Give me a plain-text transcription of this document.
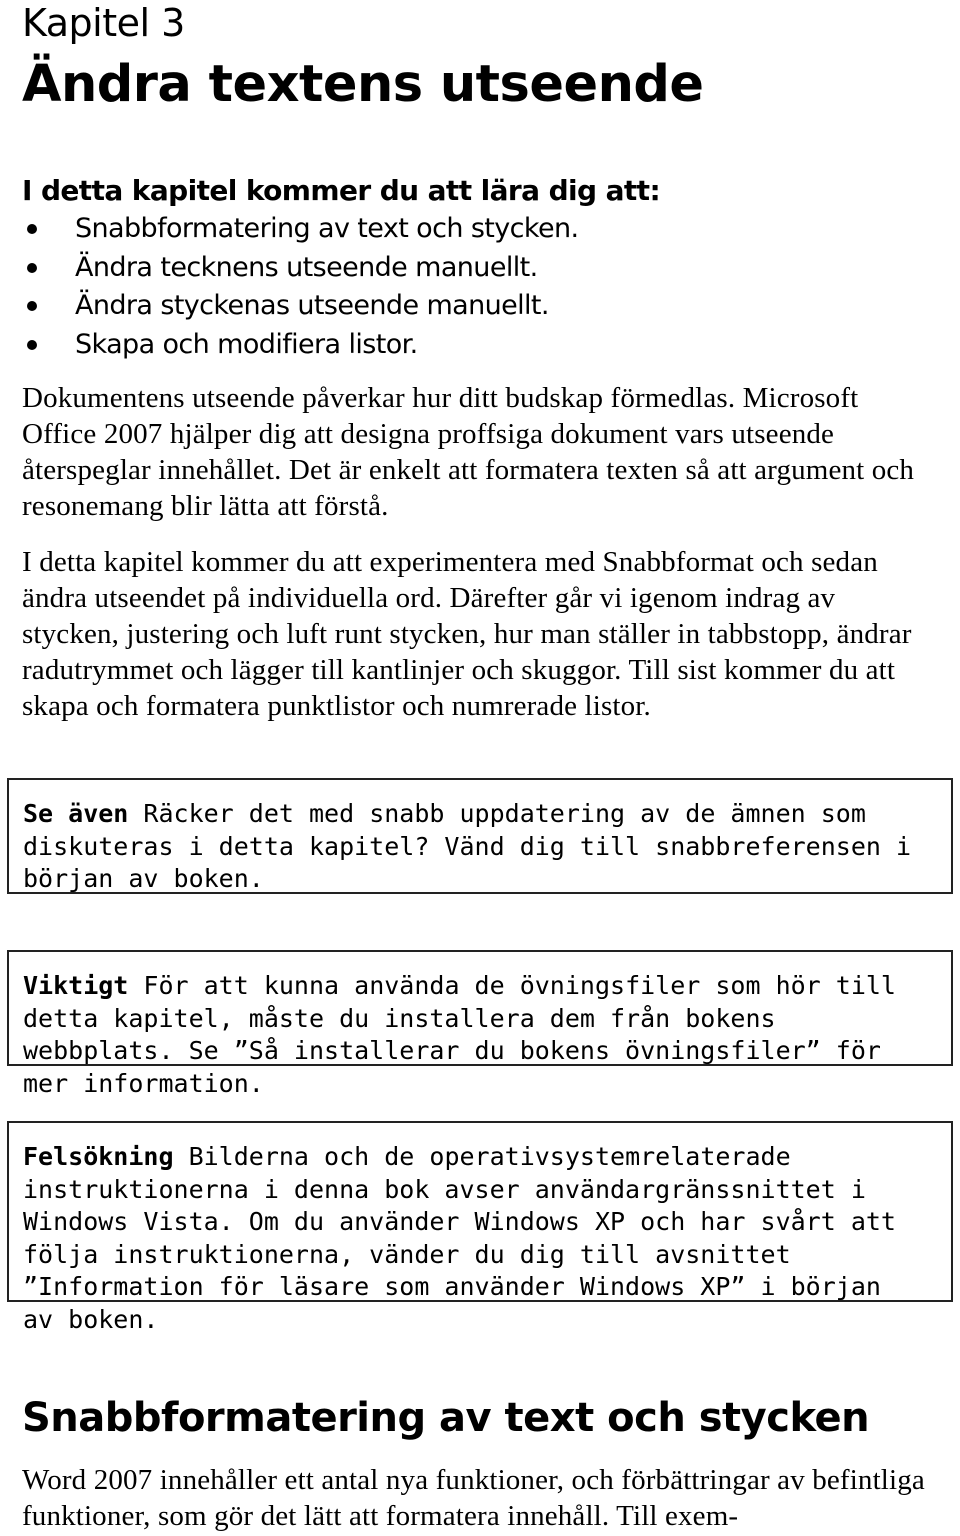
Kapitel 3
Ändra textens utseende
I detta kapitel kommer du att lära dig att:
Snabbformatering av text och stycken.
Ändra tecknens utseende manuellt.
Ändra styckenas utseende manuellt.
Skapa och modifiera listor.

Dokumentens utseende påverkar hur ditt budskap förmedlas. Microsoft Office 2007 hjälper dig att designa proffsiga dokument vars utseende återspeglar innehållet. Det är enkelt att formatera texten så att argument och resonemang blir lätta att förstå.

I detta kapitel kommer du att experimentera med Snabbformat och sedan ändra utseendet på individuella ord. Därefter går vi igenom indrag av stycken, justering och luft runt stycken, hur man ställer in tabbstopp, ändrar radutrymmet och lägger till kantlinjer och skuggor. Till sist kommer du att skapa och formatera punktlistor och numrerade listor.

Se även Räcker det med snabb uppdatering av de ämnen som diskuteras i detta kapitel? Vänd dig till snabbreferensen i början av boken.
Viktigt För att kunna använda de övningsfiler som hör till detta kapitel, måste du installera dem från bokens webbplats. Se ”Så installerar du bokens övningsfiler” för mer information.
Felsökning Bilderna och de operativsystemrelaterade instruktionerna i denna bok avser användargränssnittet i Windows Vista. Om du använder Windows XP och har svårt att följa instruktionerna, vänder du dig till avsnittet ”Information för läsare som använder Windows XP” i början av boken.
Snabbformatering av text och stycken

Word 2007 innehåller ett antal nya funktioner, och förbättringar av befintliga funktioner, som gör det lätt att formatera innehåll. Till exem-
